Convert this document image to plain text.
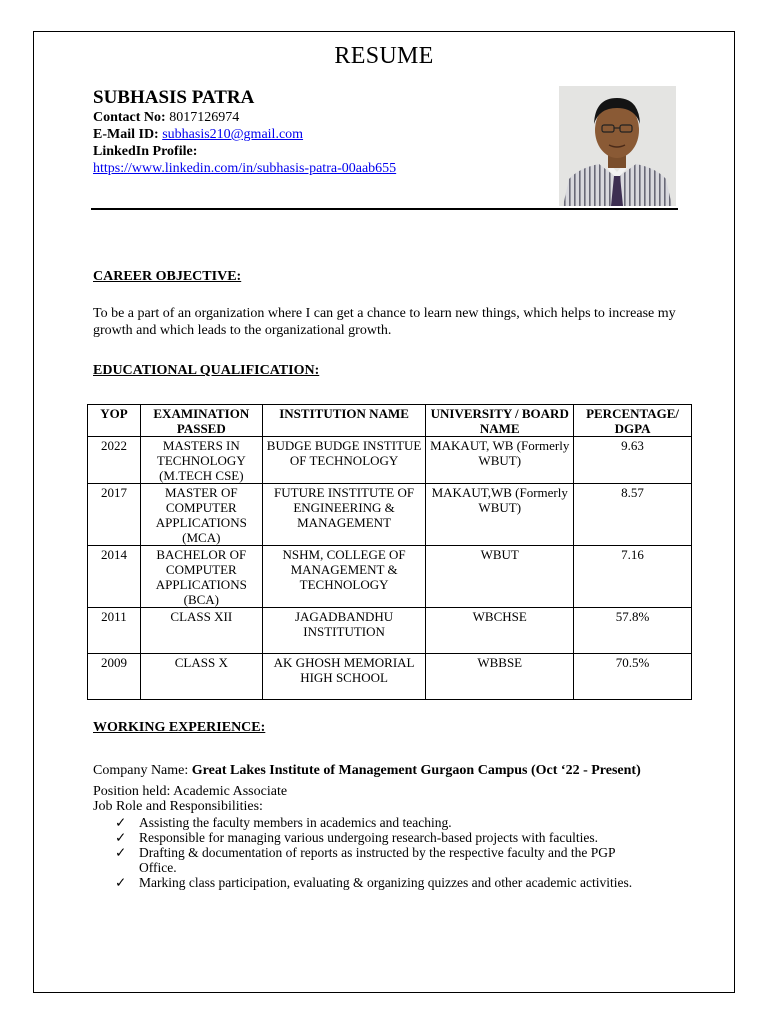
RESUME
SUBHASIS PATRA
Contact No: 8017126974
E-Mail ID: subhasis210@gmail.com
LinkedIn Profile:
https://www.linkedin.com/in/subhasis-patra-00aab655
CAREER OBJECTIVE:
To be a part of an organization where I can get a chance to learn new things, which helps to increase my growth and which leads to the organizational growth.
EDUCATIONAL QUALIFICATION:
YOP	EXAMINATION PASSED	INSTITUTION NAME	UNIVERSITY / BOARD NAME	PERCENTAGE/ DGPA
2022	MASTERS IN TECHNOLOGY (M.TECH CSE)	BUDGE BUDGE INSTITUE OF TECHNOLOGY	MAKAUT, WB (Formerly WBUT)	9.63
2017	MASTER OF COMPUTER APPLICATIONS (MCA)	FUTURE INSTITUTE OF ENGINEERING & MANAGEMENT	MAKAUT,WB (Formerly WBUT)	8.57
2014	BACHELOR OF COMPUTER APPLICATIONS (BCA)	NSHM, COLLEGE OF MANAGEMENT & TECHNOLOGY	WBUT	7.16
2011	CLASS XII	JAGADBANDHU INSTITUTION	WBCHSE	57.8%
2009	CLASS X	AK GHOSH MEMORIAL HIGH SCHOOL	WBBSE	70.5%
WORKING EXPERIENCE:
Company Name: Great Lakes Institute of Management Gurgaon Campus (Oct ‘22 - Present)
Position held: Academic Associate
Job Role and Responsibilities:
✓ Assisting the faculty members in academics and teaching.
✓ Responsible for managing various undergoing research-based projects with faculties.
✓ Drafting & documentation of reports as instructed by the respective faculty and the PGP Office.
✓ Marking class participation, evaluating & organizing quizzes and other academic activities.
